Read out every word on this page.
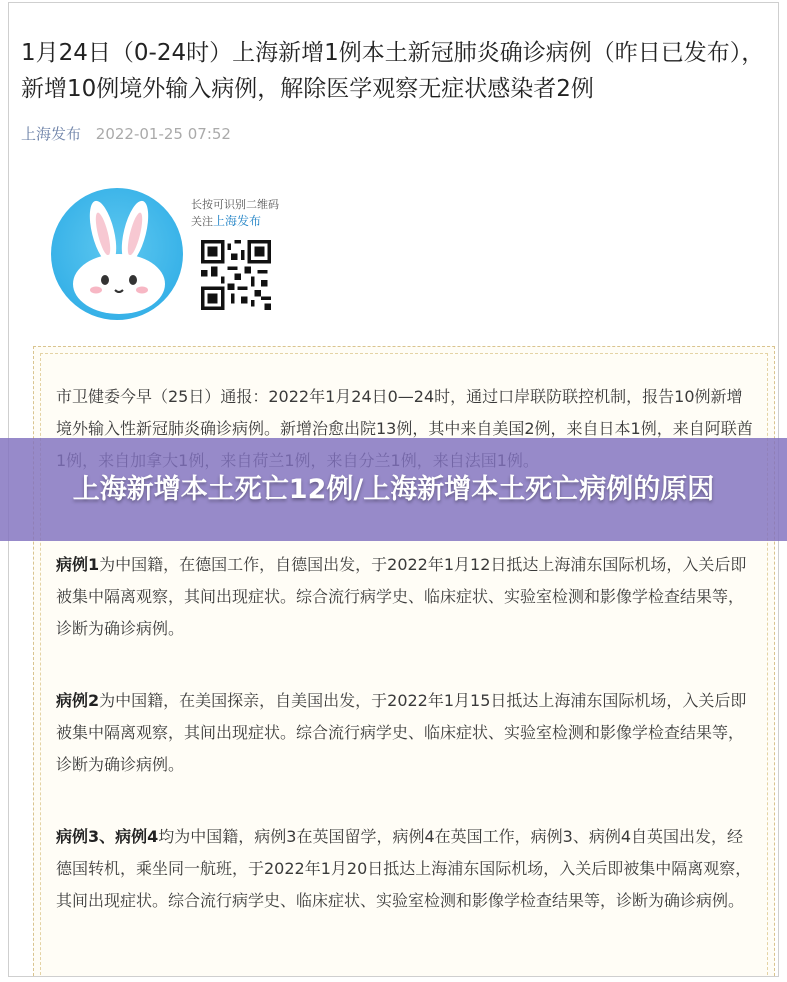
1月24日（0-24时）上海新增1例本土新冠肺炎确诊病例（昨日已发布），新增10例境外输入病例，解除医学观察无症状感染者2例
上海发布 2022-01-25 07:52
长按可识别二维码
关注上海发布

市卫健委今早（25日）通报：2022年1月24日0—24时，通过口岸联防联控机制，报告10例新增境外输入性新冠肺炎确诊病例。新增治愈出院13例，其中来自美国2例，来自日本1例，来自阿联酋

病例1为中国籍，在德国工作，自德国出发，于2022年1月12日抵达上海浦东国际机场，入关后即被集中隔离观察，其间出现症状。综合流行病学史、临床症状、实验室检测和影像学检查结果等，诊断为确诊病例。

病例2为中国籍，在美国探亲，自美国出发，于2022年1月15日抵达上海浦东国际机场，入关后即被集中隔离观察，其间出现症状。综合流行病学史、临床症状、实验室检测和影像学检查结果等，诊断为确诊病例。

病例3、病例4均为中国籍，病例3在英国留学，病例4在英国工作，病例3、病例4自英国出发，经德国转机，乘坐同一航班，于2022年1月20日抵达上海浦东国际机场，入关后即被集中隔离观察，其间出现症状。综合流行病学史、临床症状、实验室检测和影像学检查结果等，诊断为确诊病例。

上海新增本土死亡12例/上海新增本土死亡病例的原因
